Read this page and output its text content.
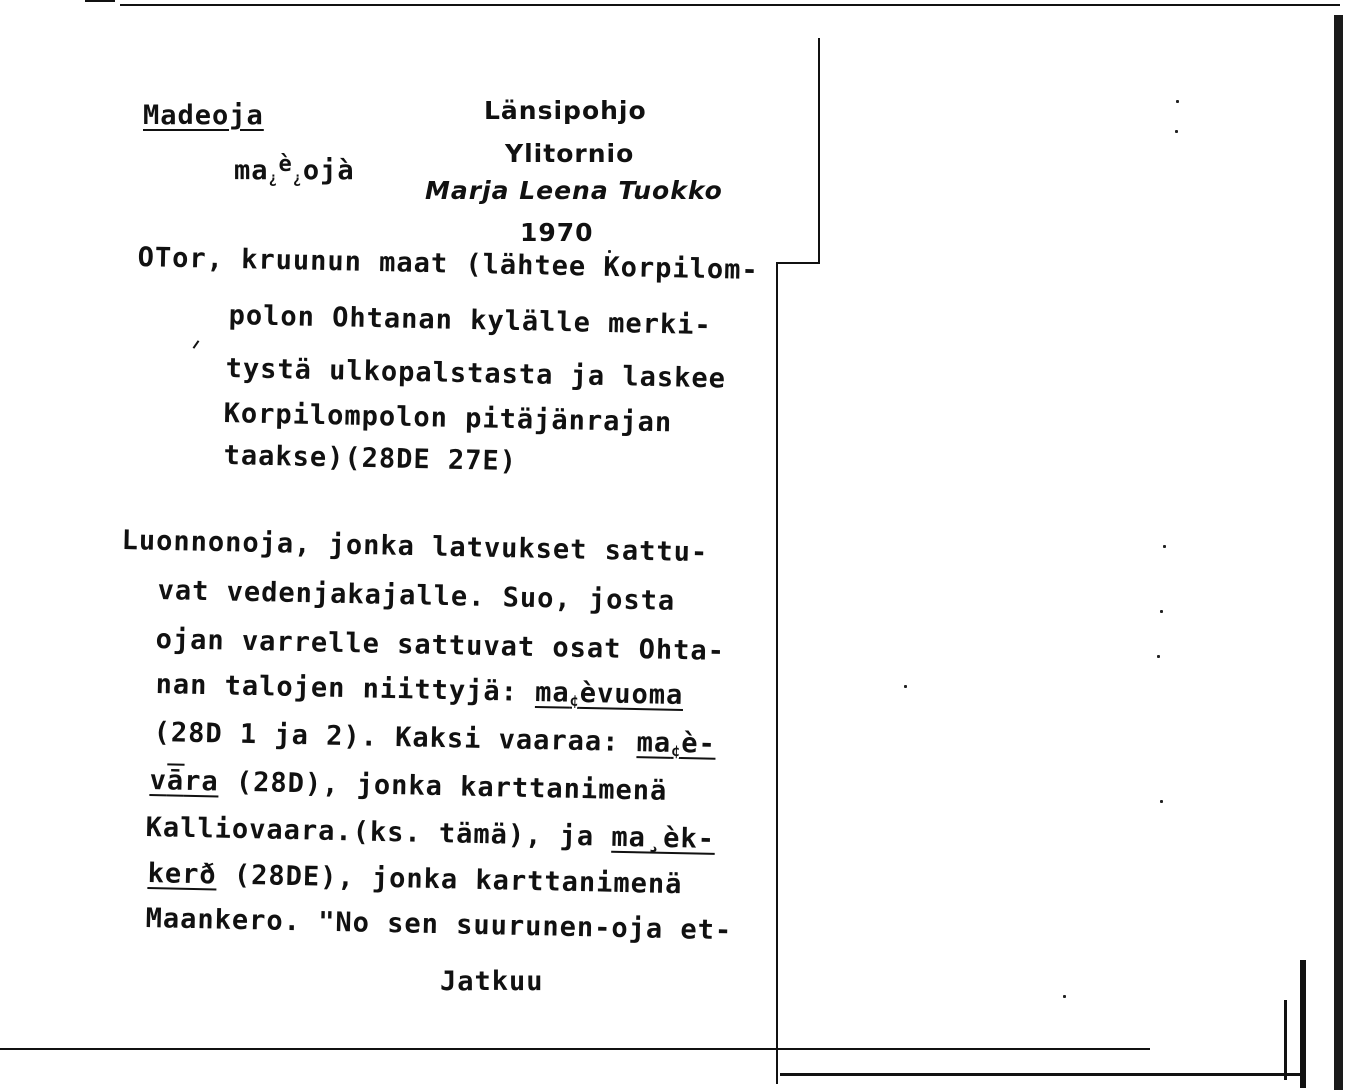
Madeoja
$ma_¿^è_¿ojà$
Länsipohjo
Ylitornio
Marja Leena Tuokko
1970
OTor, kruunun maat (lähtee Korpilom-
polon Ohtanan kylälle merki-
tystä ulkopalstasta ja laskee
Korpilompolon pitäjänrajan
taakse)(28DE 27E)
Luonnonoja, jonka latvukset sattu-
vat vedenjakajalle. Suo, josta
ojan varrelle sattuvat osat Ohta-
nan talojen niittyjä: $ma_¢èvuoma$
(28D 1 ja 2). Kaksi vaaraa: $ma_¢è-$
vāra (28D), jonka karttanimenä
Kalliovaara.(ks. tämä), ja ma¸èk-
kerð (28DE), jonka karttanimenä
Maankero. "No sen suurunen-oja et-
Jatkuu
